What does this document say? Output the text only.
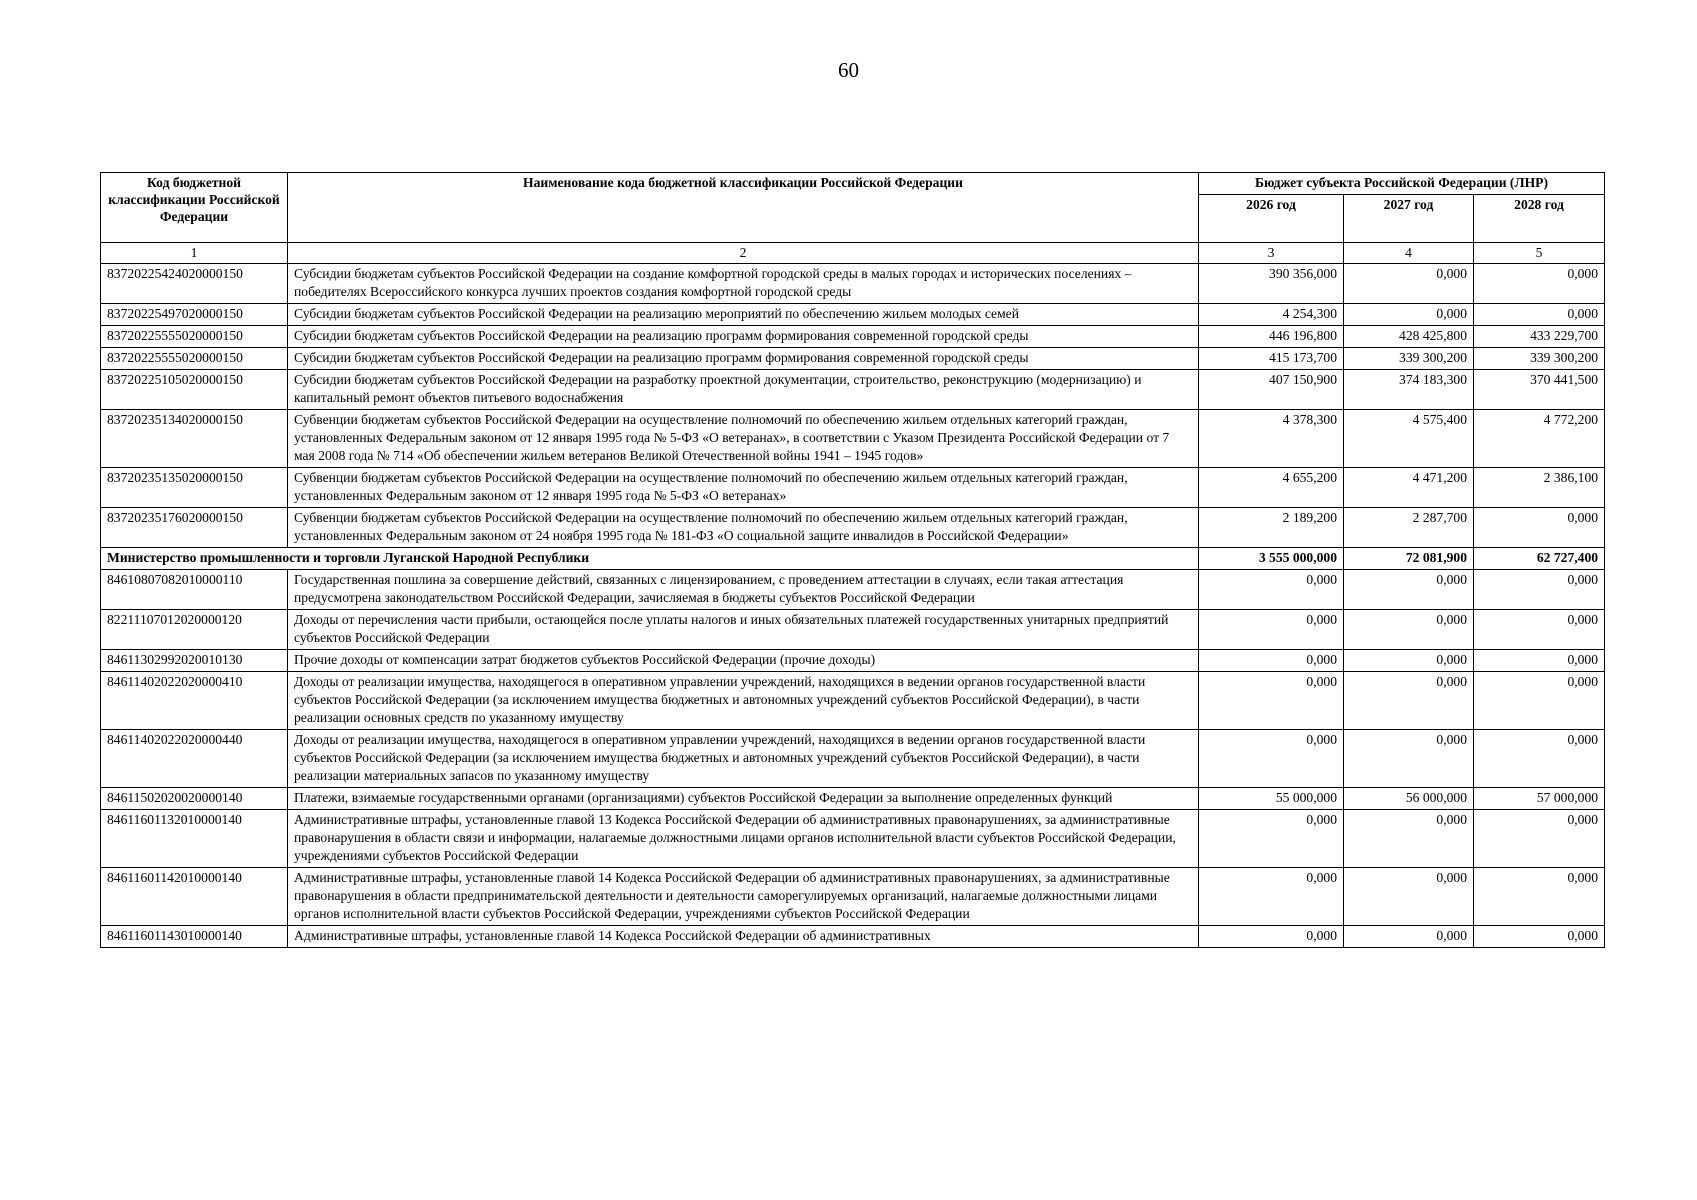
60
Код бюджетной классификации Российской Федерации	Наименование кода бюджетной классификации Российской Федерации	Бюджет субъекта Российской Федерации (ЛНР)		
		2026 год	2027 год	2028 год
1	2	3	4	5
83720225424020000150	Субсидии бюджетам субъектов Российской Федерации на создание комфортной городской среды в малых городах и исторических поселениях – победителях Всероссийского конкурса лучших проектов создания комфортной городской среды	390 356,000	0,000	0,000
83720225497020000150	Субсидии бюджетам субъектов Российской Федерации на реализацию мероприятий по обеспечению жильем молодых семей	4 254,300	0,000	0,000
83720225555020000150	Субсидии бюджетам субъектов Российской Федерации на реализацию программ формирования современной городской среды	446 196,800	428 425,800	433 229,700
83720225555020000150	Субсидии бюджетам субъектов Российской Федерации на реализацию программ формирования современной городской среды	415 173,700	339 300,200	339 300,200
83720225105020000150	Субсидии бюджетам субъектов Российской Федерации на разработку проектной документации, строительство, реконструкцию (модернизацию) и капитальный ремонт объектов питьевого водоснабжения	407 150,900	374 183,300	370 441,500
83720235134020000150	Субвенции бюджетам субъектов Российской Федерации на осуществление полномочий по обеспечению жильем отдельных категорий граждан, установленных Федеральным законом от 12 января 1995 года № 5-ФЗ «О ветеранах», в соответствии с Указом Президента Российской Федерации от 7 мая 2008 года № 714 «Об обеспечении жильем ветеранов Великой Отечественной войны 1941 – 1945 годов»	4 378,300	4 575,400	4 772,200
83720235135020000150	Субвенции бюджетам субъектов Российской Федерации на осуществление полномочий по обеспечению жильем отдельных категорий граждан, установленных Федеральным законом от 12 января 1995 года № 5-ФЗ «О ветеранах»	4 655,200	4 471,200	2 386,100
83720235176020000150	Субвенции бюджетам субъектов Российской Федерации на осуществление полномочий по обеспечению жильем отдельных категорий граждан, установленных Федеральным законом от 24 ноября 1995 года № 181-ФЗ «О социальной защите инвалидов в Российской Федерации»	2 189,200	2 287,700	0,000
Министерство промышленности и торговли Луганской Народной Республики		3 555 000,000	72 081,900	62 727,400
84610807082010000110	Государственная пошлина за совершение действий, связанных с лицензированием, с проведением аттестации в случаях, если такая аттестация предусмотрена законодательством Российской Федерации, зачисляемая в бюджеты субъектов Российской Федерации	0,000	0,000	0,000
82211107012020000120	Доходы от перечисления части прибыли, остающейся после уплаты налогов и иных обязательных платежей государственных унитарных предприятий субъектов Российской Федерации	0,000	0,000	0,000
84611302992020010130	Прочие доходы от компенсации затрат бюджетов субъектов Российской Федерации (прочие доходы)	0,000	0,000	0,000
84611402022020000410	Доходы от реализации имущества, находящегося в оперативном управлении учреждений, находящихся в ведении органов государственной власти субъектов Российской Федерации (за исключением имущества бюджетных и автономных учреждений субъектов Российской Федерации), в части реализации основных средств по указанному имуществу	0,000	0,000	0,000
84611402022020000440	Доходы от реализации имущества, находящегося в оперативном управлении учреждений, находящихся в ведении органов государственной власти субъектов Российской Федерации (за исключением имущества бюджетных и автономных учреждений субъектов Российской Федерации), в части реализации материальных запасов по указанному имуществу	0,000	0,000	0,000
84611502020020000140	Платежи, взимаемые государственными органами (организациями) субъектов Российской Федерации за выполнение определенных функций	55 000,000	56 000,000	57 000,000
84611601132010000140	Административные штрафы, установленные главой 13 Кодекса Российской Федерации об административных правонарушениях, за административные правонарушения в области связи и информации, налагаемые должностными лицами органов исполнительной власти субъектов Российской Федерации, учреждениями субъектов Российской Федерации	0,000	0,000	0,000
84611601142010000140	Административные штрафы, установленные главой 14 Кодекса Российской Федерации об административных правонарушениях, за административные правонарушения в области предпринимательской деятельности и деятельности саморегулируемых организаций, налагаемые должностными лицами органов исполнительной власти субъектов Российской Федерации, учреждениями субъектов Российской Федерации	0,000	0,000	0,000
84611601143010000140	Административные штрафы, установленные главой 14 Кодекса Российской Федерации об административных	0,000	0,000	0,000
